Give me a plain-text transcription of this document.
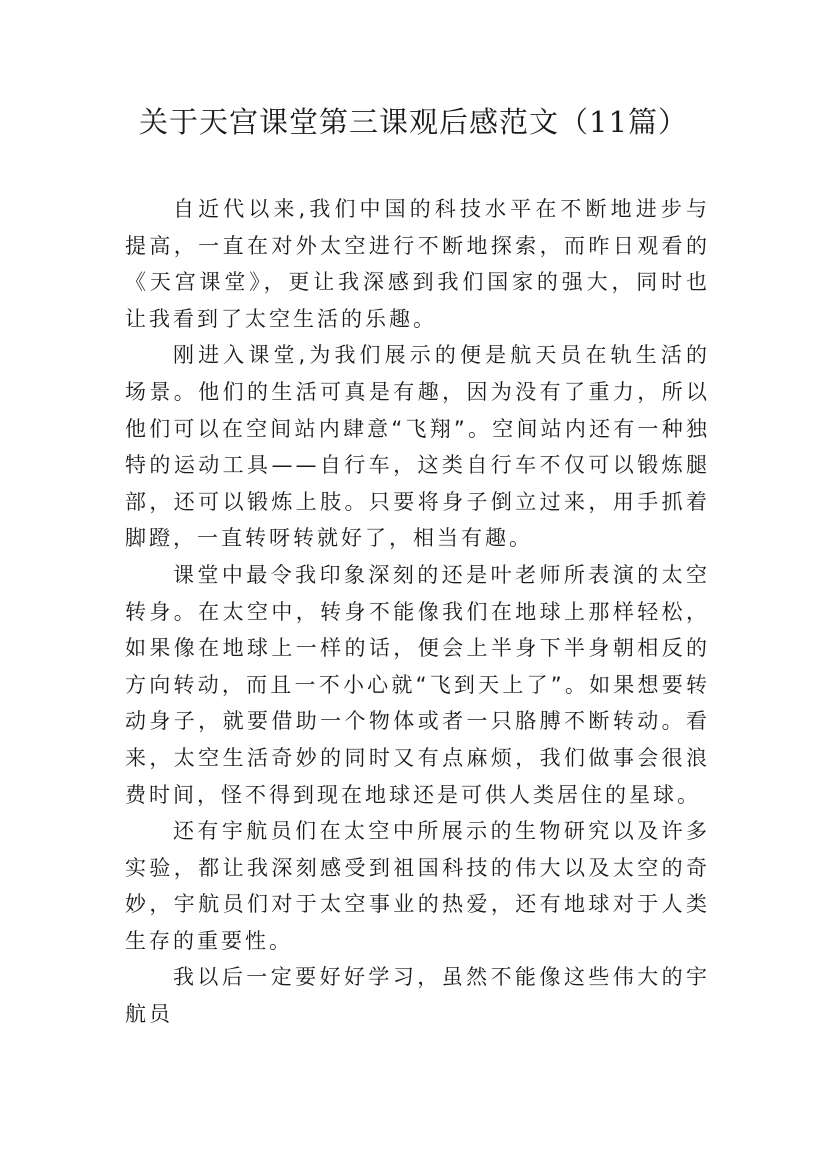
关于天宫课堂第三课观后感范文（11篇）

自近代以来,我们中国的科技水平在不断地进步与提高，一直在对外太空进行不断地探索，而昨日观看的《天宫课堂》，更让我深感到我们国家的强大，同时也让我看到了太空生活的乐趣。

刚进入课堂,为我们展示的便是航天员在轨生活的场景。他们的生活可真是有趣，因为没有了重力，所以他们可以在空间站内肆意“飞翔”。空间站内还有一种独特的运动工具——自行车，这类自行车不仅可以锻炼腿部，还可以锻炼上肢。只要将身子倒立过来，用手抓着脚蹬，一直转呀转就好了，相当有趣。

课堂中最令我印象深刻的还是叶老师所表演的太空转身。在太空中，转身不能像我们在地球上那样轻松，如果像在地球上一样的话，便会上半身下半身朝相反的方向转动，而且一不小心就“飞到天上了”。如果想要转动身子，就要借助一个物体或者一只胳膊不断转动。看来，太空生活奇妙的同时又有点麻烦，我们做事会很浪费时间，怪不得到现在地球还是可供人类居住的星球。

还有宇航员们在太空中所展示的生物研究以及许多实验，都让我深刻感受到祖国科技的伟大以及太空的奇妙，宇航员们对于太空事业的热爱，还有地球对于人类生存的重要性。

我以后一定要好好学习，虽然不能像这些伟大的宇航员
